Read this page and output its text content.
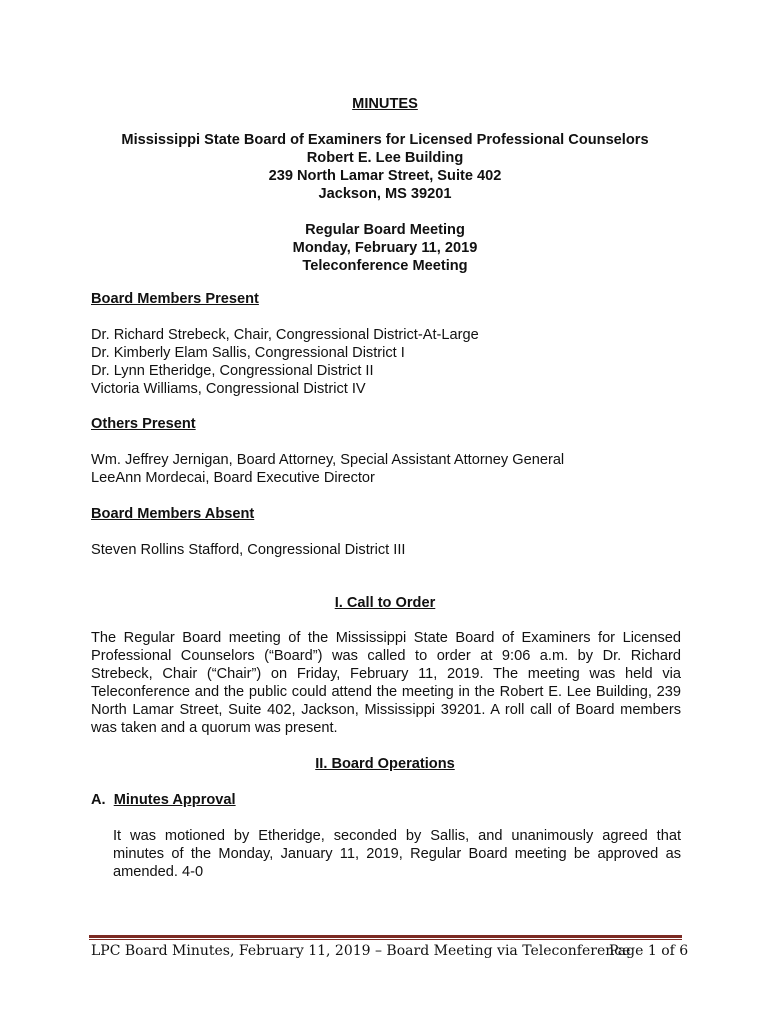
MINUTES
Mississippi State Board of Examiners for Licensed Professional Counselors
Robert E. Lee Building
239 North Lamar Street, Suite 402
Jackson, MS 39201
Regular Board Meeting
Monday, February 11, 2019
Teleconference Meeting
Board Members Present
Dr. Richard Strebeck, Chair, Congressional District-At-Large
Dr. Kimberly Elam Sallis, Congressional District I
Dr. Lynn Etheridge, Congressional District II
Victoria Williams, Congressional District IV
Others Present
Wm. Jeffrey Jernigan, Board Attorney, Special Assistant Attorney General
LeeAnn Mordecai, Board Executive Director
Board Members Absent
Steven Rollins Stafford, Congressional District III
I. Call to Order
The Regular Board meeting of the Mississippi State Board of Examiners for Licensed Professional Counselors (“Board”) was called to order at 9:06 a.m. by Dr. Richard Strebeck, Chair (“Chair”) on Friday, February 11, 2019. The meeting was held via Teleconference and the public could attend the meeting in the Robert E. Lee Building, 239 North Lamar Street, Suite 402, Jackson, Mississippi 39201. A roll call of Board members was taken and a quorum was present.
II. Board Operations
A. Minutes Approval
It was motioned by Etheridge, seconded by Sallis, and unanimously agreed that minutes of the Monday, January 11, 2019, Regular Board meeting be approved as amended. 4-0
LPC Board Minutes, February 11, 2019 – Board Meeting via Teleconference
Page 1 of 6
